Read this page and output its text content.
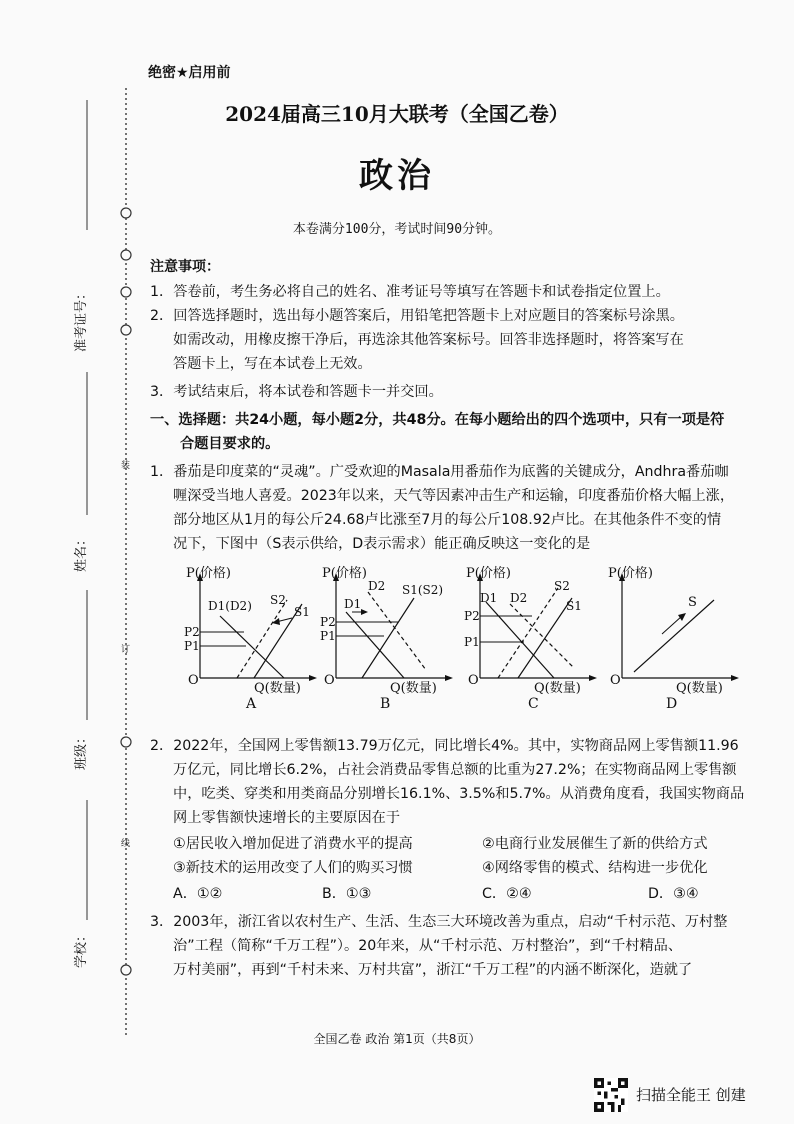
准考证号：
姓名：
班级：
学校：
装
订
线
绝密★启用前
2024届高三10月大联考（全国乙卷）
政治
本卷满分100分，考试时间90分钟。
注意事项：
1．答卷前，考生务必将自己的姓名、准考证号等填写在答题卡和试卷指定位置上。
2．回答选择题时，选出每小题答案后，用铅笔把答题卡上对应题目的答案标号涂黑。
如需改动，用橡皮擦干净后，再选涂其他答案标号。回答非选择题时，将答案写在
答题卡上，写在本试卷上无效。
3．考试结束后，将本试卷和答题卡一并交回。
一、选择题：共24小题，每小题2分，共48分。在每小题给出的四个选项中，只有一项是符
合题目要求的。
1．番茄是印度菜的“灵魂”。广受欢迎的Masala用番茄作为底酱的关键成分，Andhra番茄咖
喱深受当地人喜爱。2023年以来，天气等因素冲击生产和运输，印度番茄价格大幅上涨，
部分地区从1月的每公斤24.68卢比涨至7月的每公斤108.92卢比。在其他条件不变的情
况下，下图中（S表示供给，D表示需求）能正确反映这一变化的是
P(价格)
Q(数量)
O
P2
P1
D1(D2) S2
S1
A
P(价格)
Q(数量)
O
P2
P1
D1
D2 S1(S2)
B
P(价格)
Q(数量)
O
P2
P1
D1 D2
S2
S1
C
P(价格)
Q(数量)
O
S
D
2．2022年，全国网上零售额13.79万亿元，同比增长4%。其中，实物商品网上零售额11.96
万亿元，同比增长6.2%，占社会消费品零售总额的比重为27.2%；在实物商品网上零售额
中，吃类、穿类和用类商品分别增长16.1%、3.5%和5.7%。从消费角度看，我国实物商品
网上零售额快速增长的主要原因在于
①居民收入增加促进了消费水平的提高	②电商行业发展催生了新的供给方式
③新技术的运用改变了人们的购买习惯	④网络零售的模式、结构进一步优化
A．①②	B．①③	C．②④	D．③④
3．2003年，浙江省以农村生产、生活、生态三大环境改善为重点，启动“千村示范、万村整
治”工程（简称“千万工程”）。20年来，从“千村示范、万村整治”，到“千村精品、
万村美丽”，再到“千村未来、万村共富”，浙江“千万工程”的内涵不断深化，造就了
全国乙卷 政治 第1页（共8页）
扫描全能王 创建
